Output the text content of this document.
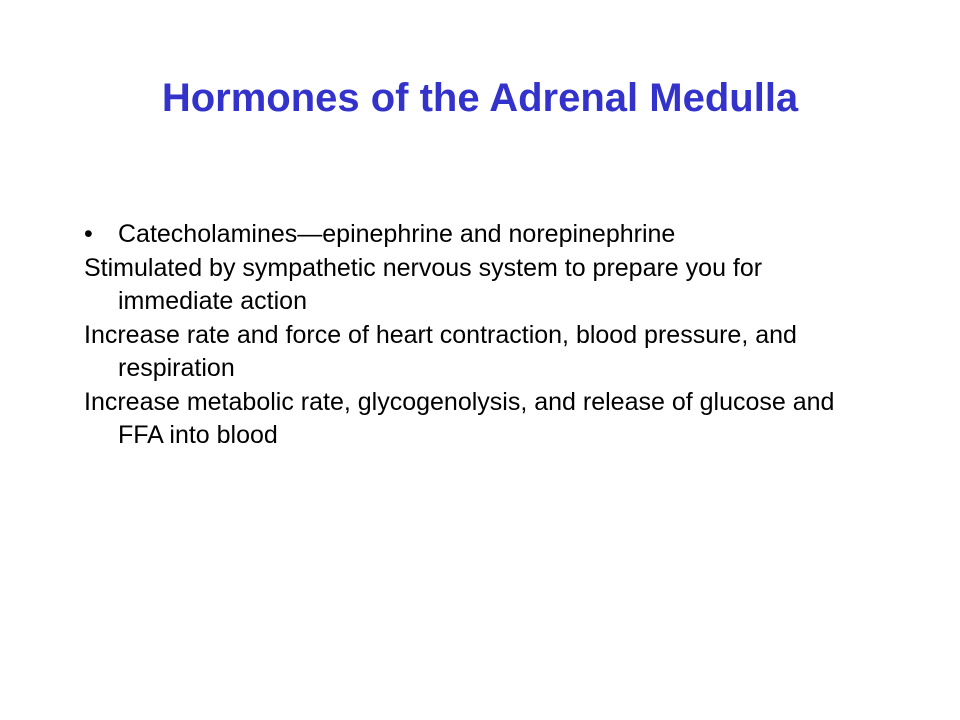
Hormones of the Adrenal Medulla

•	Catecholamines—epinephrine and norepinephrine

Stimulated by sympathetic nervous system to prepare you for immediate action

Increase rate and force of heart contraction, blood pressure, and respiration

Increase metabolic rate, glycogenolysis, and release of glucose and FFA into blood
